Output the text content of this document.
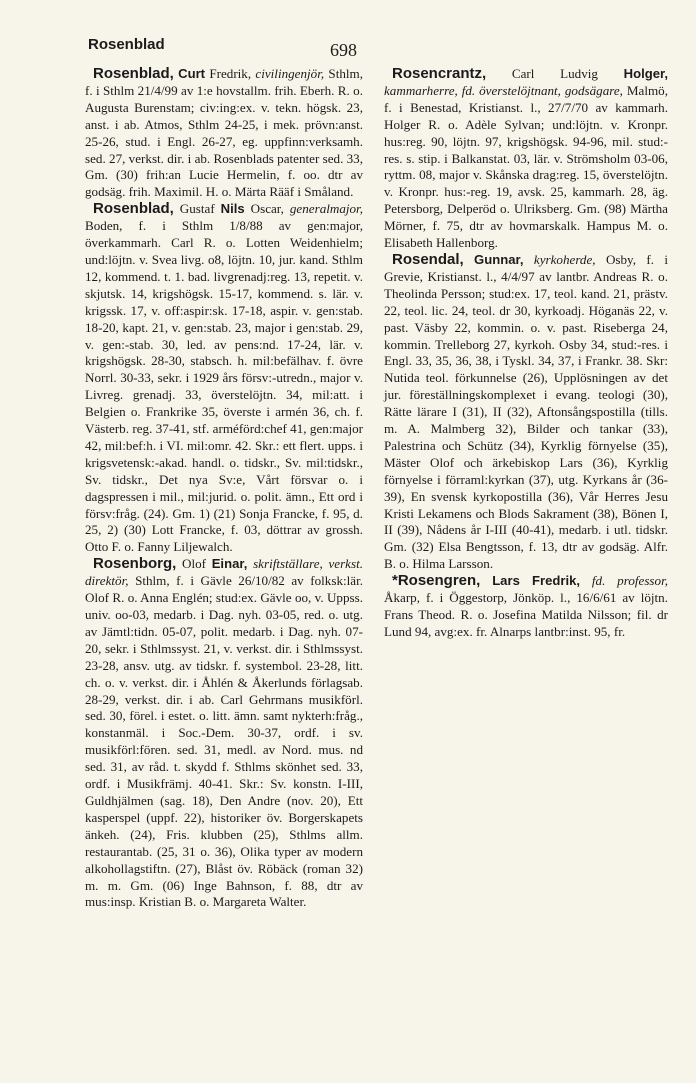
Rosenblad	698

Rosenblad, Curt Fredrik, civilingenjör, Sthlm, f. i Sthlm 21/4/99 av 1:e hovstallm. frih. Eberh. R. o. Augusta Burenstam; civ:ing:ex. v. tekn. högsk. 23, anst. i ab. Atmos, Sthlm 24-25, i mek. prövn:anst. 25-26, stud. i Engl. 26-27, eg. uppfinn:verksamh. sed. 27, verkst. dir. i ab. Rosenblads patenter sed. 33, Gm. (30) frih:an Lucie Hermelin, f. oo. dtr av godsäg. frih. Maximil. H. o. Märta Rääf i Småland.

Rosenblad, Gustaf Nils Oscar, generalmajor, Boden, f. i Sthlm 1/8/88 av gen:major, överkammarh. Carl R. o. Lotten Weidenhielm; und:löjtn. v. Svea livg. o8, löjtn. 10, jur. kand. Sthlm 12, kommend. t. 1. bad. livgrenadj:reg. 13, repetit. v. skjutsk. 14, krigshögsk. 15-17, kommend. s. lär. v. krigssk. 17, v. off:aspir:sk. 17-18, aspir. v. gen:stab. 18-20, kapt. 21, v. gen:stab. 23, major i gen:stab. 29, v. gen:-stab. 30, led. av pens:nd. 17-24, lär. v. krigshögsk. 28-30, stabsch. h. mil:befälhav. f. övre Norrl. 30-33, sekr. i 1929 års försv:-utredn., major v. Livreg. grenadj. 33, överstelöjtn. 34, mil:att. i Belgien o. Frankrike 35, överste i armén 36, ch. f. Västerb. reg. 37-41, stf. arméförd:chef 41, gen:major 42, mil:bef:h. i VI. mil:omr. 42. Skr.: ett flert. upps. i krigsvetensk:-akad. handl. o. tidskr., Sv. mil:tidskr., Sv. tidskr., Det nya Sv:e, Vårt försvar o. i dagspressen i mil., mil:jurid. o. polit. ämn., Ett ord i försv:fråg. (24). Gm. 1) (21) Sonja Francke, f. 95, d. 25, 2) (30) Lott Francke, f. 03, döttrar av grossh. Otto F. o. Fanny Liljewalch.

Rosenborg, Olof Einar, skriftställare, verkst. direktör, Sthlm, f. i Gävle 26/10/82 av folksk:lär. Olof R. o. Anna Englén; stud:ex. Gävle oo, v. Uppss. univ. oo-03, medarb. i Dag. nyh. 03-05, red. o. utg. av Jämtl:tidn. 05-07, polit. medarb. i Dag. nyh. 07-20, sekr. i Sthlmssyst. 21, v. verkst. dir. i Sthlmssyst. 23-28, ansv. utg. av tidskr. f. systembol. 23-28, litt. ch. o. v. verkst. dir. i Åhlén & Åkerlunds förlagsab. 28-29, verkst. dir. i ab. Carl Gehrmans musikförl. sed. 30, förel. i estet. o. litt. ämn. samt nykterh:fråg., konstanmäl. i Soc.-Dem. 30-37, ordf. i sv. musikförl:fören. sed. 31, medl. av Nord. mus. nd sed. 31, av råd. t. skydd f. Sthlms skönhet sed. 33, ordf. i Musikfrämj. 40-41. Skr.: Sv. konstn. I-III, Guldhjälmen (sag. 18), Den Andre (nov. 20), Ett kasperspel (uppf. 22), historiker öv. Borgerskapets änkeh. (24), Fris. klubben (25), Sthlms allm. restaurantab. (25, 31 o. 36), Olika typer av modern alkohollagstiftn. (27), Blåst öv. Röbäck (roman 32) m. m. Gm. (06) Inge Bahnson, f. 88, dtr av mus:insp. Kristian B. o. Margareta Walter.

Rosencrantz, Carl Ludvig Holger, kammarherre, fd. överstelöjtnant, godsägare, Malmö, f. i Benestad, Kristianst. l., 27/7/70 av kammarh. Holger R. o. Adèle Sylvan; und:löjtn. v. Kronpr. hus:reg. 90, löjtn. 97, krigshögsk. 94-96, mil. stud:-res. s. stip. i Balkanstat. 03, lär. v. Strömsholm 03-06, ryttm. 08, major v. Skånska drag:reg. 15, överstelöjtn. v. Kronpr. hus:-reg. 19, avsk. 25, kammarh. 28, äg. Petersborg, Delperöd o. Ulriksberg. Gm. (98) Märtha Mörner, f. 75, dtr av hovmarskalk. Hampus M. o. Elisabeth Hallenborg.

Rosendal, Gunnar, kyrkoherde, Osby, f. i Grevie, Kristianst. l., 4/4/97 av lantbr. Andreas R. o. Theolinda Persson; stud:ex. 17, teol. kand. 21, prästv. 22, teol. lic. 24, teol. dr 30, kyrkoadj. Höganäs 22, v. past. Väsby 22, kommin. o. v. past. Riseberga 24, kommin. Trelleborg 27, kyrkoh. Osby 34, stud:-res. i Engl. 33, 35, 36, 38, i Tyskl. 34, 37, i Frankr. 38. Skr: Nutida teol. förkunnelse (26), Upplösningen av det jur. föreställningskomplexet i evang. teologi (30), Rätte lärare I (31), II (32), Aftonsångspostilla (tills. m. A. Malmberg 32), Bilder och tankar (33), Palestrina och Schütz (34), Kyrklig förnyelse (35), Mäster Olof och ärkebiskop Lars (36), Kyrklig förnyelse i förraml:kyrkan (37), utg. Kyrkans år (36-39), En svensk kyrkopostilla (36), Vår Herres Jesu Kristi Lekamens och Blods Sakrament (38), Bönen I, II (39), Nådens år I-III (40-41), medarb. i utl. tidskr. Gm. (32) Elsa Bengtsson, f. 13, dtr av godsäg. Alfr. B. o. Hilma Larsson.

*Rosengren, Lars Fredrik, fd. professor, Åkarp, f. i Öggestorp, Jönköp. l., 16/6/61 av löjtn. Frans Theod. R. o. Josefina Matilda Nilsson; fil. dr Lund 94, avg:ex. fr. Alnarps lantbr:inst. 95, fr.
